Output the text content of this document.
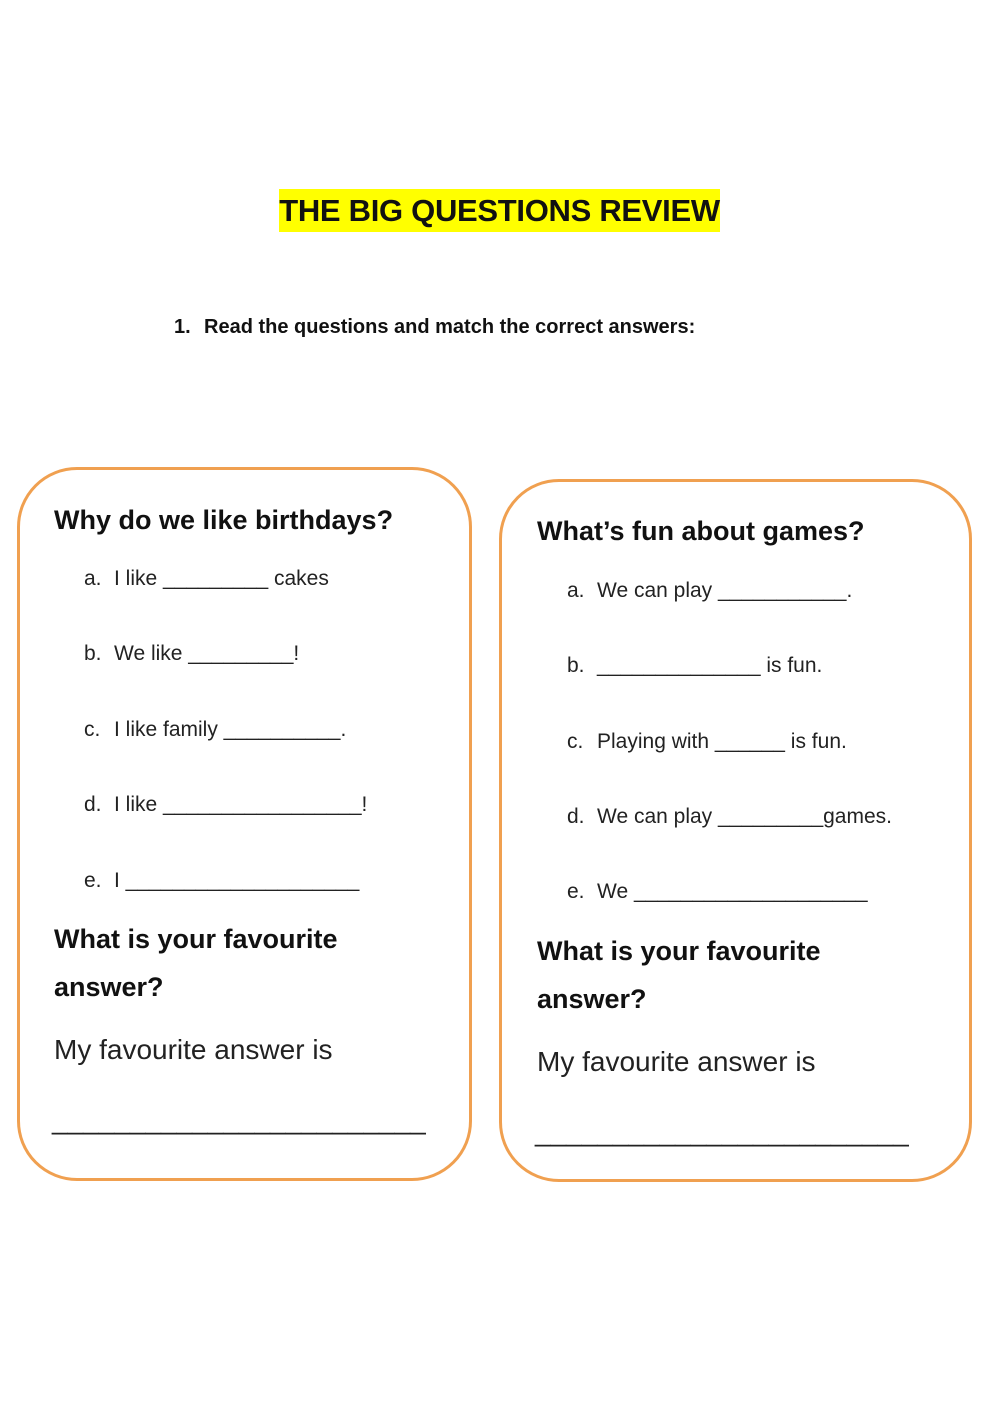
THE BIG QUESTIONS REVIEW
1. Read the questions and match the correct answers:
Why do we like birthdays?
a. I like _________ cakes
b. We like _________!
c. I like family __________.
d. I like _________________!
e. I ____________________
What is your favourite answer?
My favourite answer is
________________________
What’s fun about games?
a. We can play ___________.
b. ______________ is fun.
c. Playing with ______ is fun.
d. We can play _________games.
e. We ____________________
What is your favourite answer?
My favourite answer is
________________________
